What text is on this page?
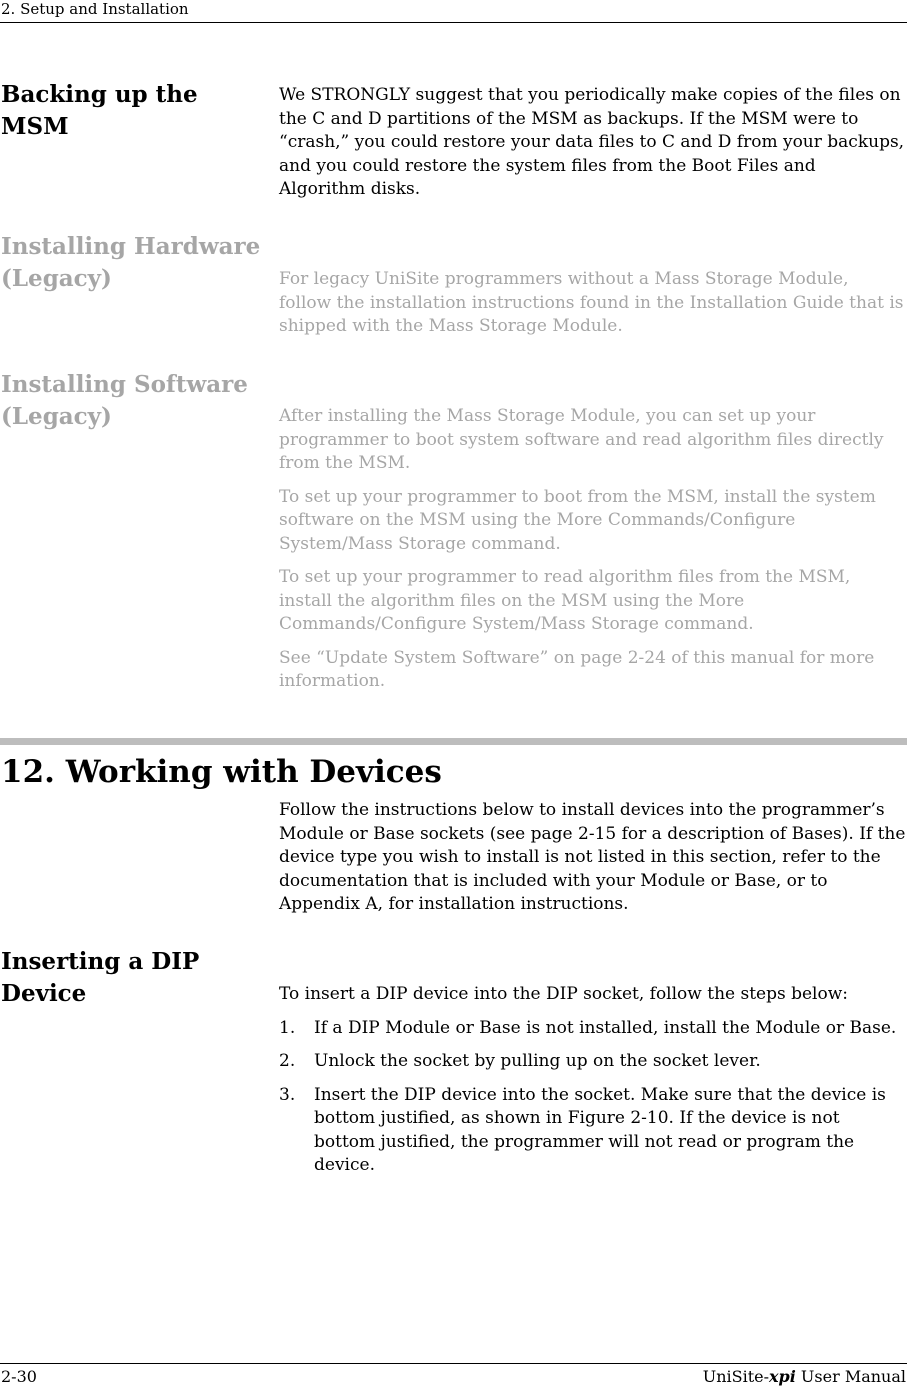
2. Setup and Installation
Backing up the MSM

We STRONGLY suggest that you periodically make copies of the files on the C and D partitions of the MSM as backups. If the MSM were to “crash,” you could restore your data files to C and D from your backups, and you could restore the system files from the Boot Files and Algorithm disks.

Installing Hardware
(Legacy)	For legacy UniSite programmers without a Mass Storage Module, follow the installation instructions found in the Installation Guide that is shipped with the Mass Storage Module.

Installing Software
(Legacy)	After installing the Mass Storage Module, you can set up your programmer to boot system software and read algorithm files directly from the MSM.

To set up your programmer to boot from the MSM, install the system software on the MSM using the More Commands/Configure System/Mass Storage command.

To set up your programmer to read algorithm files from the MSM, install the algorithm files on the MSM using the More Commands/Configure System/Mass Storage command.

See “Update System Software” on page 2-24 of this manual for more information.

12. Working with Devices

Follow the instructions below to install devices into the programmer’s Module or Base sockets (see page 2-15 for a description of Bases). If the device type you wish to install is not listed in this section, refer to the documentation that is included with your Module or Base, or to Appendix A, for installation instructions.

Inserting a DIP
Device	To insert a DIP device into the DIP socket, follow the steps below:

1. If a DIP Module or Base is not installed, install the Module or Base.
2. Unlock the socket by pulling up on the socket lever.
3. Insert the DIP device into the socket. Make sure that the device is bottom justified, as shown in Figure 2-10. If the device is not bottom justified, the programmer will not read or program the device.
2-30	UniSite-xpi User Manual
